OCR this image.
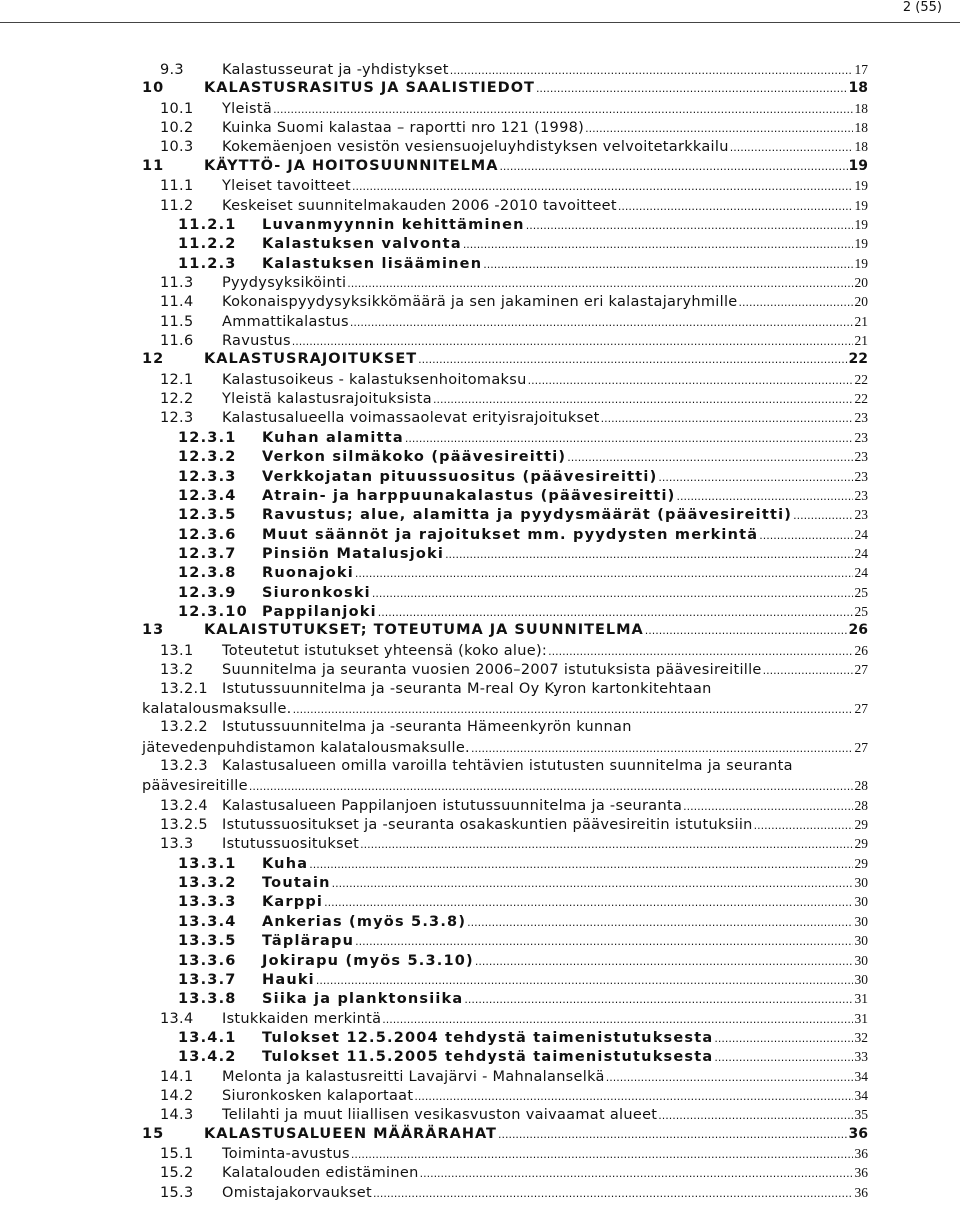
2 (55)
9.3	Kalastusseurat ja -yhdistykset .....	17
10	KALASTUSRASITUS JA SAALISTIEDOT .....	18
10.1	Yleistä .....	18
10.2	Kuinka Suomi kalastaa – raportti nro 121 (1998) .....	18
10.3	Kokemäenjoen vesistön vesiensuojeluyhdistyksen velvoitetarkkailu .....	18
11	KÄYTTÖ- JA HOITOSUUNNITELMA .....	19
11.1	Yleiset tavoitteet .....	19
11.2	Keskeiset suunnitelmakauden 2006 -2010 tavoitteet .....	19
11.2.1	Luvanmyynnin kehittäminen .....	19
11.2.2	Kalastuksen valvonta .....	19
11.2.3	Kalastuksen lisääminen .....	19
11.3	Pyydysyksiköinti .....	20
11.4	Kokonaispyydysyksikkömäärä ja sen jakaminen eri kalastajaryhmille .....	20
11.5	Ammattikalastus .....	21
11.6	Ravustus .....	21
12	KALASTUSRAJOITUKSET .....	22
12.1	Kalastusoikeus - kalastuksenhoitomaksu .....	22
12.2	Yleistä kalastusrajoituksista .....	22
12.3	Kalastusalueella voimassaolevat erityisrajoitukset .....	23
12.3.1	Kuhan alamitta .....	23
12.3.2	Verkon silmäkoko (päävesireitti) .....	23
12.3.3	Verkkojatan pituussuositus (päävesireitti) .....	23
12.3.4	Atrain- ja harppuunakalastus (päävesireitti) .....	23
12.3.5	Ravustus; alue, alamitta ja pyydysmäärät (päävesireitti) .....	23
12.3.6	Muut säännöt ja rajoitukset mm. pyydysten merkintä .....	24
12.3.7	Pinsiön Matalusjoki .....	24
12.3.8	Ruonajoki .....	24
12.3.9	Siuronkoski .....	25
12.3.10 Pappilanjoki .....	25
13	KALAISTUTUKSET; TOTEUTUMA JA SUUNNITELMA .....	26
13.1	Toteutetut istutukset yhteensä (koko alue): .....	26
13.2	Suunnitelma ja seuranta vuosien 2006–2007 istutuksista päävesireitille .....	27
13.2.1 Istutussuunnitelma ja -seuranta M-real Oy Kyron kartonkitehtaan
kalatalousmaksulle. .....	27
13.2.2 Istutussuunnitelma ja -seuranta Hämeenkyrön kunnan
jätevedenpuhdistamon kalatalousmaksulle. .....	27
13.2.3 Kalastusalueen omilla varoilla tehtävien istutusten suunnitelma ja seuranta
päävesireitille .....	28
13.2.4 Kalastusalueen Pappilanjoen istutussuunnitelma ja -seuranta .....	28
13.2.5 Istutussuositukset ja -seuranta osakaskuntien päävesireitin istutuksiin .....	29
13.3	Istutussuositukset .....	29
13.3.1	Kuha .....	29
13.3.2	Toutain .....	30
13.3.3	Karppi .....	30
13.3.4	Ankerias (myös 5.3.8) .....	30
13.3.5	Täplärapu .....	30
13.3.6	Jokirapu (myös 5.3.10) .....	30
13.3.7	Hauki .....	30
13.3.8	Siika ja planktonsiika .....	31
13.4	Istukkaiden merkintä .....	31
13.4.1	Tulokset 12.5.2004 tehdystä taimenistutuksesta .....	32
13.4.2	Tulokset 11.5.2005 tehdystä taimenistutuksesta .....	33
14.1	Melonta ja kalastusreitti Lavajärvi - Mahnalanselkä .....	34
14.2	Siuronkosken kalaportaat .....	34
14.3	Telilahti ja muut liiallisen vesikasvuston vaivaamat alueet .....	35
15	KALASTUSALUEEN MÄÄRÄRAHAT .....	36
15.1	Toiminta-avustus .....	36
15.2	Kalatalouden edistäminen .....	36
15.3	Omistajakorvaukset .....	36
